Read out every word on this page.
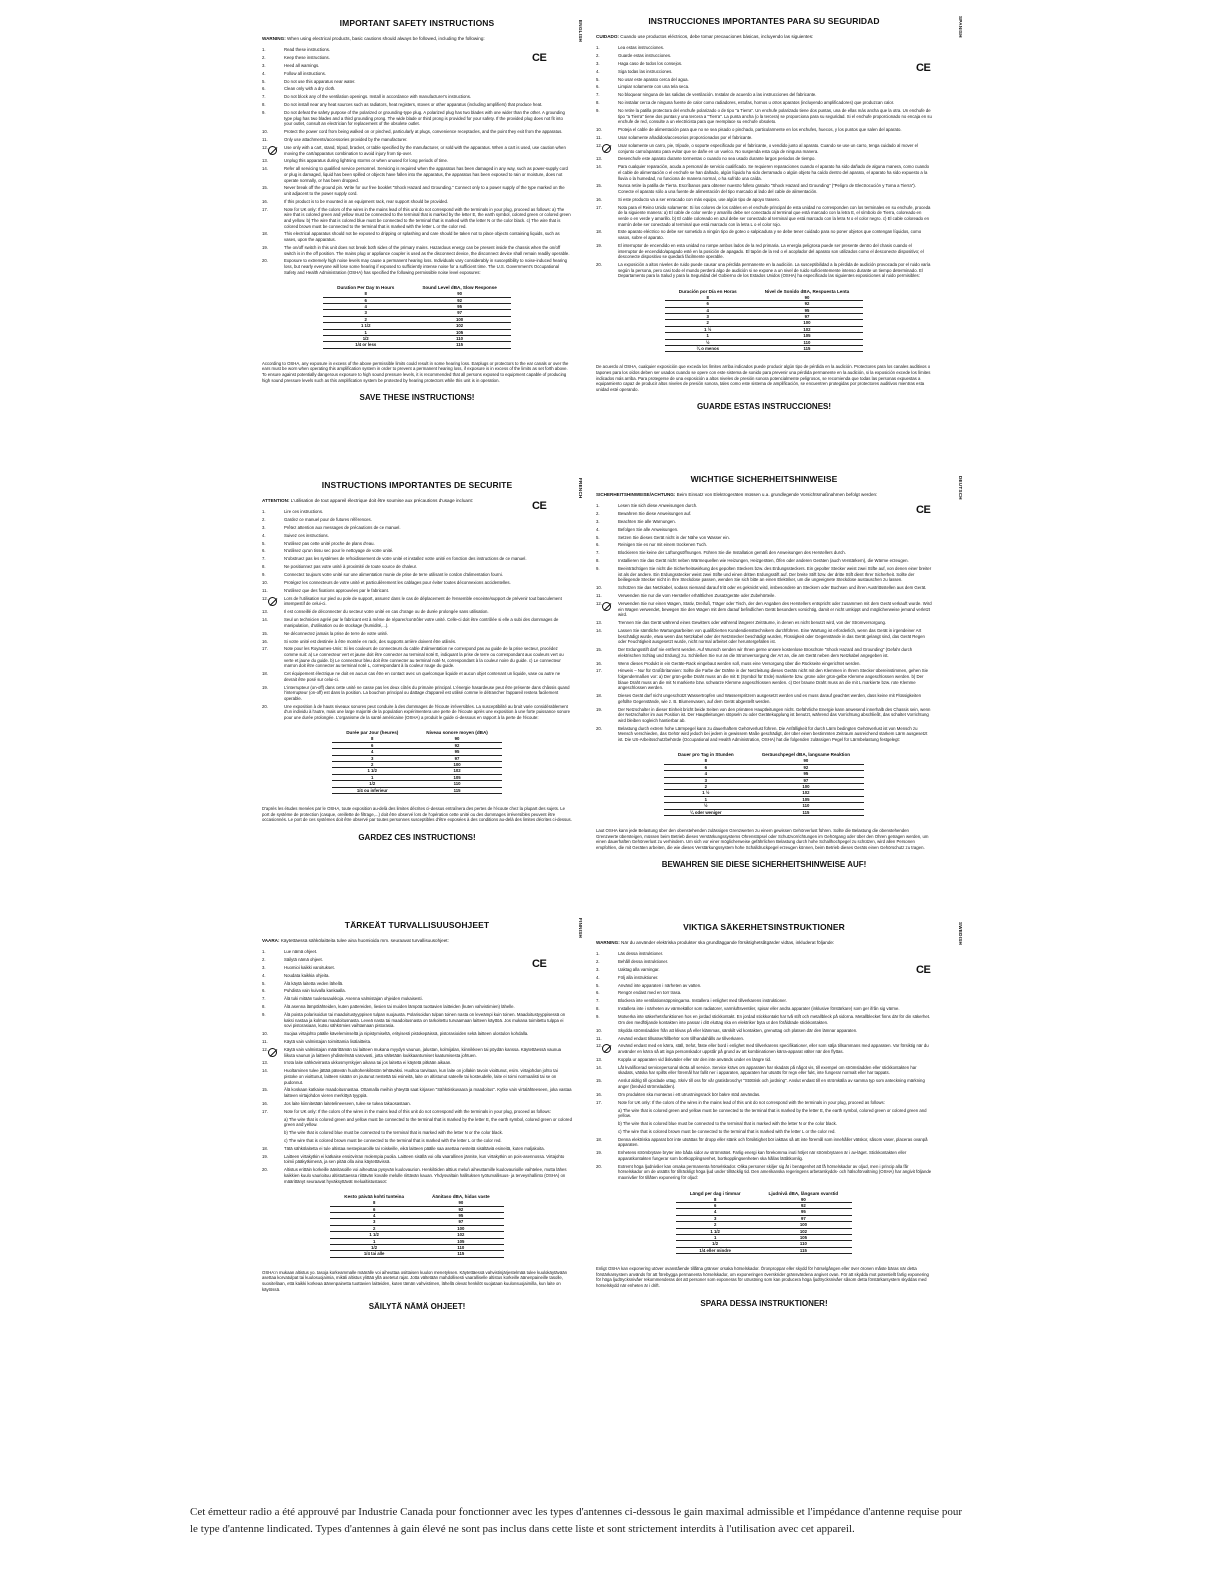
IMPORTANT SAFETY INSTRUCTIONS
WARNING: When using electrical products, basic cautions should always be followed, including the following:
1.	Read these instructions.
2.	Keep these instructions.
3.	Heed all warnings.
4.	Follow all instructions.
5.	Do not use this apparatus near water.
6.	Clean only with a dry cloth.
7.	Do not block any of the ventilation openings. Install in accordance with manufacturer's instructions.
8.	Do not install near any heat sources such as radiators, heat registers, stoves or other apparatus (including amplifiers) that produce heat.
9.	Do not defeat the safety purpose of the polarized or grounding-type plug. A polarized plug has two blades with one wider than the other. A grounding type plug has two blades and a third grounding prong. The wide blade or third prong is provided for your safety. If the provided plug does not fit into your outlet, consult an electrician for replacement of the obsolete outlet.
10.	Protect the power cord from being walked on or pinched, particularly at plugs, convenience receptacles, and the point they exit from the apparatus.
11.	Only use attachments/accessories provided by the manufacturer.
12.	Use only with a cart, stand, tripod, bracket, or table specified by the manufacturer, or sold with the apparatus. When a cart is used, use caution when moving the cart/apparatus combination to avoid injury from tip-over.
13.	Unplug this apparatus during lightning storms or when unused for long periods of time.
14.	Refer all servicing to qualified service personnel. Servicing is required when the apparatus has been damaged in any way, such as power-supply cord or plug is damaged, liquid has been spilled or objects have fallen into the apparatus, the apparatus has been exposed to rain or moisture, does not operate normally, or has been dropped.
15.	Never break off the ground pin. Write for our free booklet "Shock Hazard and Grounding." Connect only to a power supply of the type marked on the unit adjacent to the power supply cord.
16.	If this product is to be mounted in an equipment rack, rear support should be provided.
17.	Note for UK only: If the colors of the wires in the mains lead of this unit do not correspond with the terminals in your plug, proceed as follows: a) The wire that is colored green and yellow must be connected to the terminal that is marked by the letter E, the earth symbol, colored green or colored green and yellow. b) The wire that is colored blue must be connected to the terminal that is marked with the letter N or the color black. c) The wire that is colored brown must be connected to the terminal that is marked with the letter L or the color red.
18.	This electrical apparatus should not be exposed to dripping or splashing and care should be taken not to place objects containing liquids, such as vases, upon the apparatus.
19.	The on/off switch in this unit does not break both sides of the primary mains. Hazardous energy can be present inside the chassis when the on/off switch is in the off position. The mains plug or appliance coupler is used as the disconnect device, the disconnect device shall remain readily operable.
20.	Exposure to extremely high noise levels may cause a permanent hearing loss. Individuals vary considerably in susceptibility to noise-induced hearing loss, but nearly everyone will lose some hearing if exposed to sufficiently intense noise for a sufficient time. The U.S. Government's Occupational Safety and Health Administration (OSHA) has specified the following permissible noise level exposures:
Duration Per Day In Hours	Sound Level dBA, Slow Response
8	90
6	92
4	95
3	97
2	100
1 1/2	102
1	105
1/2	110
1/4 or less	115
According to OSHA, any exposure in excess of the above permissible limits could result in some hearing loss. Earplugs or protectors to the ear canals or over the ears must be worn when operating this amplification system in order to prevent a permanent hearing loss, if exposure is in excess of the limits as set forth above. To ensure against potentially dangerous exposure to high sound pressure levels, it is recommended that all persons exposed to equipment capable of producing high sound pressure levels such as this amplification system be protected by hearing protectors while this unit is in operation.
SAVE THESE INSTRUCTIONS!
INSTRUCCIONES IMPORTANTES PARA SU SEGURIDAD
CUIDADO: Cuando use productos eléctricos, debe tomar precauciones básicas, incluyendo las siguientes:
1.	Lea estas instrucciones.
2.	Guarde estas instrucciones.
3.	Haga caso de todos los consejos.
4.	Siga todas las instrucciones.
5.	No usar este aparato cerca del agua.
6.	Limpiar solamente con una tela seca.
7.	No bloquear ninguna de las salidas de ventilación. Instalar de acuerdo a las instrucciones del fabricante.
8.	No instalar cerca de ninguna fuente de calor como radiadores, estufas, hornos u otros aparatos (incluyendo amplificadores) que produzcan calor.
9.	No retire la patilla protectora del enchufe polarizado o de tipo "a Tierra". Un enchufe polarizado tiene dos puntas, una de ellas más ancha que la otra. Un enchufe de tipo "a Tierra" tiene dos puntas y una tercera a "Tierra". La punta ancha (o la tercera) se proporciona para su seguridad. Si el enchufe proporcionado no encaja en su enchufe de red, consulte a un electricista para que reemplace su enchufe obsoleto.
10.	Proteja el cable de alimentación para que no se sea pisado o pinchado, particularmente en los enchufes, huecos, y los puntos que salen del aparato.
11.	Usar solamente añadidos/accesorios proporcionados por el fabricante.
12.	Usar solamente un carro, pie, trípode, o soporte especificado por el fabricante, o vendido junto al aparato. Cuando se use un carro, tenga cuidado al mover el conjunto carro/aparato para evitar que se dañe en un vuelco. No suspenda esta caja de ninguna manera.
13.	Desenchufe este aparato durante tormentas o cuando no sea usado durante largos periodos de tiempo.
14.	Para cualquier reparación, acuda a personal de servicio cualificado. Se requieren reparaciones cuando el aparato ha sido dañado de alguna manera, como cuando el cable de alimentación o el enchufe se han dañado, algún líquido ha sido derramado o algún objeto ha caído dentro del aparato, el aparato ha sido expuesto a la lluvia o la humedad, no funciona de manera normal, o ha sufrido una caída.
15.	Nunca retire la patilla de Tierra. Escríbanos para obtener nuestro folleto gratuito "Shock Hazard and Grounding" ("Peligro de Electrocución y Toma a Tierra"). Conecte el aparato sólo a una fuente de alimentación del tipo marcado al lado del cable de alimentación.
16.	Si este producto va a ser enracado con más equipo, use algún tipo de apoyo trasero.
17.	Nota para el Reino Unido solamente: Si los colores de los cables en el enchufe principal de esta unidad no corresponden con los terminales en su enchufe, proceda de la siguiente manera: a) El cable de color verde y amarillo debe ser conectado al terminal que está marcado con la letra E, el símbolo de Tierra, coloreado en verde o en verde y amarillo. b) El cable coloreado en azul debe ser conectado al terminal que está marcado con la letra N o el color negro. c) El cable coloreado en marrón debe ser conectado al terminal que está marcado con la letra L o el color rojo.
18.	Este aparato eléctrico no debe ser sometido a ningún tipo de goteo o salpicadura y se debe tener cuidado para no poner objetos que contengan líquidos, como vasos, sobre el aparato.
19.	El interruptor de encendido en esta unidad no rompe ambos lados de la red primaria. La energía peligrosa puede ser presente dentro del chasis cuando el interruptor de encendido/apagado esté en la posición de apagado. El tapón de la red o el acoplador del aparato son utilizados como el desconecte dispositivo; el desconecte dispositivo se quedará fácilmente operable.
20.	La exposición a altos niveles de ruido puede causar una pérdida permanente en la audición. La susceptibilidad a la pérdida de audición provocada por el ruido varía según la persona, pero casi todo el mundo perderá algo de audición si se expone a un nivel de ruido suficientemente intenso durante un tiempo determinado. El Departamento para la Salud y para la Seguridad del Gobierno de los Estados Unidos (OSHA) ha especificado las siguientes exposiciones al ruido permisibles:
Duración por Día en Horas	Nivel de Sonido dBA, Respuesta Lenta
8	90
6	92
4	95
3	97
2	100
1 ½	102
1	105
½	110
¼ o menos	115
De acuerdo al OSHA, cualquier exposición que exceda los límites arriba indicados puede producir algún tipo de pérdida en la audición. Protectores para los canales auditivos o tapones para los oídos deben ser usados cuando se opere con este sistema de sonido para prevenir una pérdida permanente en la audición, si la exposición excede los límites indicados más arriba. Para protegerse de una exposición a altos niveles de presión sonora potencialmente peligrosos, se recomienda que todas las personas expuestas a equipamiento capaz de producir altos niveles de presión sonora, tales como este sistema de amplificación, se encuentren protegidas por protectores auditivos mientras esta unidad esté operando.
GUARDE ESTAS INSTRUCCIONES!
INSTRUCTIONS IMPORTANTES DE SECURITE
ATTENTION: L'utilisation de tout appareil électrique doit être soumise aux précautions d'usage incluant:
1.	Lire ces instructions.
2.	Gardez ce manuel pour de futures références.
3.	Prêtez attention aux messages de précautions de ce manuel.
4.	Suivez ces instructions.
5.	N'utilisez pas cette unité proche de plans d'eau.
6.	N'utilisez qu'un tissu sec pour le nettoyage de votre unité.
7.	N'obstruez pas les systèmes de refroidissement de votre unité et installez votre unité en fonction des instructions de ce manuel.
8.	Ne positionnez pas votre unité à proximité de toute source de chaleur.
9.	Connectez toujours votre unité sur une alimentation munie de prise de terre utilisant le cordon d'alimentation fourni.
10.	Protégez les connecteurs de votre unité et particulièrement les cablages pour éviter toutes déconnexions accidentelles.
11.	N'utilisez que des fixations approuvées par le fabricant.
12.	Lors de l'utilisation sur pied ou pole de support, assurez dans le cas de déplacement de l'ensemble enceinte/support de prévenir tout basculement intempestif de celui-ci.
13.	Il est conseillé de déconnecter du secteur votre unité en cas d'orage ou de durée prolongée sans utilisation.
14.	Seul un technicien agréé par le fabricant est à même de réparer/contrôler votre unité. Celle-ci doit être contrôlée si elle a subi des dommages de manipulation, d'utilisation ou de stockage (humidité,...).
15.	Ne déconnectez jamais la prise de terre de votre unité.
16.	Si votre unité est destinée à être montée en rack, des supports arrière doivent être utilisés.
17.	Note pour les Royaumes-Unis: Si les couleurs de connecteurs du cable d'alimentation ne correspond pas au guide de la prise secteur, procédez comme suit: a) Le connecteur vert et jaune doit être connecter au terminal noté E, indiquant la prise de terre ou correspondant aux couleurs vert ou verte et jaune du guide. b) Le connecteur bleu doit être connecter au terminal noté N, correspondant à la couleur noire du guide. c) Le connecteur marron doit être connecter au terminal noté L, correspondant à la couleur rouge du guide.
18.	Cet équipement électrique ne doit en aucun cas être en contact avec un quelconque liquide et aucun objet contenant un liquide, vase ou autre ne devrait être posé sur celui-ci.
19.	L'interrupteur (on-off) dans cette unité ne casse pas les deux côtés du primaire principal. L'énergie hasardeuse peut être présente dans châssis quand l'interrupteur (on-off) est dans la position. La bouchon principal ou dattage d'appareil est utilisé comme le détrancher l'appareil restera facilement operable.
20.	Une exposition à de hauts niveaux sonores peut conduire à des dommages de l'écoute irréversibles. La susceptibilité au bruit varie considérablement d'un individu à l'autre, mais une large majorité de la population expérimentera une perte de l'écoute après une exposition à une forte puissance sonore pour une durée prolongée. L'organisme de la santé américaine (OSHA) a produit le guide ci-dessous en rapport à la perte de l'écoute:
Durée par Jour (heures)	Niveau sonore moyen (dBA)
8	90
6	92
4	95
3	97
2	100
1 1/2	102
1	105
1/2	110
1/4 ou inferieur	115
D'après les études menées par le OSHA, toute exposition au-delà des limites décrites ci-dessus entraînera des pertes de l'écoute chez la plupart des sujets. Le port de système de protection (casque, oreillette de filtrage,...) doit être observé lors de l'opération cette unité ou des dommages irréversibles peuvent être occasionnés. Le port de ces systèmes doit être observé par toutes personnes susceptibles d'être exposées à des conditions au-delà des limites décrites ci-dessus.
GARDEZ CES INSTRUCTIONS!
WICHTIGE SICHERHEITSHINWEISE
SICHERHEITSHINWEISE/ACHTUNG: Beim Einsatz von Elektrogeräten müssen u.a. grundlegende Vorsichtsmaßnahmen befolgt werden:
1.	Lesen Sie sich diese Anweisungen durch.
2.	Bewahren Sie diese Anweisungen auf.
3.	Beachten Sie alle Warnungen.
4.	Befolgen Sie alle Anweisungen.
5.	Setzen Sie dieses Gerät nicht in der Nähe von Wasser ein.
6.	Reinigen Sie es nur mit einem trockenen Tuch.
7.	Blockieren Sie keine der Lüftungsöffnungen. Führen Sie die Installation gemäß den Anweisungen des Herstellers durch.
8.	Installieren Sie das Gerät nicht neben Wärmequellen wie Heizungen, Heizgeräten, Öfen oder anderen Geräten (auch Verstärkern), die Wärme erzeugen.
9.	Beeinträchtigen Sie nicht die Sicherheitswirkung des gepolten Steckers bzw. des Erdungssteckers. Ein gepolter Stecker weist zwei Stifte auf, von denen einer breiter ist als der andere. Ein Erdungsstecker weist zwei Stifte und einen dritten Erdungsstift auf. Der breite Stift bzw. der dritte Stift dient Ihrer Sicherheit. Sollte der beiliegende Stecker nicht in Ihre Steckdose passen, wenden Sie sich bitte an einen Elektriker, um die ungeeignete Steckdose austauschen zu lassen.
10.	Schützen Sie das Netzkabel, sodass niemand darauf tritt oder es geknickt wird, insbesondere an Steckern oder Buchsen und ihren Austrittsstellen aus dem Gerät.
11.	Verwenden Sie nur die vom Hersteller erhältlichen Zusatzgeräte oder Zubehörteile.
12.	Verwenden Sie nur einen Wagen, Stativ, Dreifuß, Träger oder Tisch, der den Angaben des Herstellers entspricht oder zusammen mit dem Gerät verkauft wurde. Wird ein Wagen verwendet, bewegen Sie den Wagen mit dem darauf befindlichen Gerät besonders vorsichtig, damit er nicht umkippt und möglicherweise jemand verletzt wird.
13.	Trennen Sie das Gerät während eines Gewitters oder während längerer Zeiträume, in denen es nicht benutzt wird, von der Stromversorgung.
14.	Lassen Sie sämtliche Wartungsarbeiten von qualifizierten Kundendiensttechnikern durchführen. Eine Wartung ist erforderlich, wenn das Gerät in irgendeiner Art beschädigt wurde, etwa wenn das Netzkabel oder der Netzstecker beschädigt wurden, Flüssigkeit oder Gegenstände in das Gerät gelangt sind, das Gerät Regen oder Feuchtigkeit ausgesetzt wurde, nicht normal arbeitet oder heruntergefallen ist.
15.	Der Erdungsstift darf nie entfernt werden. Auf Wunsch senden wir Ihnen gerne unsere kostenlose Broschüre "Shock Hazard and Grounding" (Gefahr durch elektrischen Schlag und Erdung) zu. Schließen Sie nur an die Stromversorgung der Art an, die am Gerät neben dem Netzkabel angegeben ist.
16.	Wenn dieses Produkt in ein Geräte-Rack eingebaut werden soll, muss eine Versorgung über die Rückseite eingerichtet werden.
17.	Hinweis – Nur für Großbritannien: Sollte die Farbe der Drähte in der Netzleitung dieses Geräts nicht mit den Klemmen in Ihrem Stecker übereinstimmen, gehen Sie folgendermaßen vor: a) Der grün-gelbe Draht muss an die mit E (Symbol für Erde) markierte bzw. grüne oder grün-gelbe Klemme angeschlossen werden. b) Der blaue Draht muss an die mit N markierte bzw. schwarze Klemme angeschlossen werden. c) Der braune Draht muss an die mit L markierte bzw. rote Klemme angeschlossen werden.
18.	Dieses Gerät darf nicht ungeschützt Wassertropfen und Wasserspritzern ausgesetzt werden und es muss darauf geachtet werden, dass keine mit Flüssigkeiten gefüllte Gegenstände, wie z. B. Blumenvasen, auf dem Gerät abgestellt werden.
19.	Der Netzschalter in dieser Einheit bricht beide Seiten von den primären Hauptleitungen nicht. Gefährliche Energie kann anwesend innerhalb des Chassis sein, wenn der Netzschalter im aus Position ist. Der Hauptleitungen stöpseln zu oder Gerätekupplung ist benutzt, während das Vorrichtung abschließt, das schaltet Vorrichtung wird bleiben sogleich hantierbar ab.
20.	Belastung durch extrem hohe Lärmpegel kann zu dauerhaftem Gehörverlust führen. Die Anfälligkeit für durch Lärm bedingten Gehörverlust ist von Mensch zu Mensch verschieden, das Gehör wird jedoch bei jedem in gewissem Maße geschädigt, der über einen bestimmten Zeitraum ausreichend starkem Lärm ausgesetzt ist. Die US-Arbeitsschutzbehörde (Occupational and Health Administration, OSHA) hat die folgenden zulässigen Pegel für Lärmbelastung festgelegt:
Dauer pro Tag in Stunden	Geräuschpegel dBA, langsame Reaktion
8	90
6	92
4	95
3	97
2	100
1 ½	102
1	105
½	110
¼ oder weniger	115
Laut OSHA kann jede Belastung über den obenstehenden zulässigen Grenzwerten zu einem gewissen Gehörverlust führen. Sollte die Belastung die obenstehenden Grenzwerte übersteigen, müssen beim Betrieb dieses Verstärkungssystems Ohrenstöpsel oder Schutzvorrichtungen im Gehörgang oder über den Ohren getragen werden, um einen dauerhaften Gehörverlust zu verhindern. Um sich vor einer möglicherweise gefährlichen Belastung durch hohe Schallhochpegel zu schützen, wird allen Personen empfohlen, die mit Geräten arbeiten, die wie dieses Verstärkungssystem hohe Schalldruckpegel erzeugen können, beim Betrieb dieses Geräts einen Gehörschutz zu tragen.
BEWAHREN SIE DIESE SICHERHEITSHINWEISE AUF!
TÄRKEÄT TURVALLISUUSOHJEET
VAARA: Käytettäessä sähkölaitteita tulee aina huomioida mm. seuraavat turvallisuusohjeet:
1.	Lue nämä ohjeet.
2.	Säilytä nämä ohjeet.
3.	Huomioi kaikki varoitukset.
4.	Noudata kaikkia ohjeita.
5.	Älä käytä laitetta veden lähellä.
6.	Puhdista vain kuivalla kankaalla.
7.	Älä tuki mitään tuuletusaukkoja. Asenna valmistajan ohjeiden mukaisesti.
8.	Älä asenna lämpölähteiden, kuten pattereiden, liesien tai muiden lämpöä tuottavien laitteiden (kuten vahvistimien) lähelle.
9.	Älä poista polarisoidun tai maadoitustyyppisen tulpan suojausta. Polarisoidun tulpan toinen nasta on leveämpi kuin toinen. Maadoitustyyppisessä on kaksi nastaa ja kolmas maadoitusnasta. Leveä nasta tai maadoitusnasta on tarkoitettu turvaamaan laitteen käyttöä. Jos mukana toimitettu tulppa ei sovi pistorasiaan, kutsu sähkömies vaihtamaan pistorasia.
10.	Suojaa virtajohto päälle käveleminseltä ja nipistymiseltä, erityisesti pistokepäissä, pistorasioiden sekä laitteen ulostulon kohdalla.
11.	Käytä vain valmistajan toimittamia lisälaitteita.
12.	Käytä vain valmistajan määrittämän tai laitteen mukana myydyn vaunun, jalustan, kolmijalan, kiinnikkeen tai pöydän kanssa. Käytettäessä vaunua liikuta vaunun ja laitteen yhdistelmää varovasti, jotta vältetään loukkaantumiset kaatumisesta johtuen.
13.	Irrota laite sähkövirrasta ukkosmyrskyjen aikana tai jos laitetta ei käytetä pitkään aikaan.
14.	Huoltaminen tulee jättää pätevän huoltohenkilöstön tehtäväksi. Huoltoa tarvitaan, kun laite on jollakin tavoin vioittunut, esim. virtajohdon johto tai pistoke on vioittunut, laitteen sisään on joutunut nestettä tai esineitä, laite on altistunut sateelle tai kosteudelle, laite ei toimi normaalisti tai se on pudonnut.
15.	Älä koskaan katkaise maadoitusnastaa. Ottamalla meihin yhteyttä saat kirjasen "Sähköiskuvaara ja maadoitus". Kytke vain virtalähteeseen, joka vastaa laitteen virtajohdon vieren merkittyä tyyppiä.
16.	Jos laite kiinnitetään laitetelineeseen, tulee se tukea takaosastaan.
17.	Note for UK only: If the colors of the wires in the mains lead of this unit do not correspond with the terminals in your plug, proceed as follows:
a) The wire that is colored green and yellow must be connected to the terminal that is marked by the letter E, the earth symbol, colored green or colored green and yellow.
b) The wire that is colored blue must be connected to the terminal that is marked with the letter N or the color black.
c) The wire that is colored brown must be connected to the terminal that is marked with the letter L or the color red.
18.	Tätä sähkölaitetta ei tule altistaa nestepisaroille tai roiskeille, eikä laitteen päälle saa asettaa nesteitä sisältäviä esineitä, kuten maljakoita.
19.	Laitteen virtakytkin ei katkaise ensiövirran molempia puolia. Laitteen sisällä voi olla vaarallinen jännite, kun virtakytkin on pois-asennossa. Virtajohto toimii pääkytkimenä, ja sen pitää olla aina käytettävissä.
20.	Altistus erittäin korkeille äänitasoille voi aiheuttaa pysyvän kuulovaurion. Henkilöiden alttius meluń aiheuttamille kuulovaurioille vaihtelee, mutta lähes kaikkien kuulo vaurioituu altistuttaessa riittävän kovalle melulle riittävän kauan. Yhdysvaltain hallituksen työturvallisuus- ja terveyshallinto (OSHA) on määrittänyt seuraavat hyväksyttävät melualtistustasot:
Kesto päivää kohti tunteina	Äänitaso dBA, hidas vaste
8	90
6	92
4	95
3	97
2	100
1 1/2	102
1	105
1/2	110
1/4 tai alle	115
OSHA:n mukaan altistus yo. tasoja korkeammalle määrälle voi aiheuttaa osittaisen kuulon menetyksen. Käytettäessä vahvistinjärjestelmää tulee kuulokäytävään asettaa korvatulpat tai kuulosuojaimia, mikäli altistus ylittää yllä asetetut rajat. Jotta vältetään mahdollisesti vaaralliselle altistus korkeille äänenpaineille tasolle, suositellaan, että kaikki korkeaa äänenpainetta tuottavien laitteiden, kuten tämän vahvistimen, lähellä olevat henkilöt suojataan kuulonsuojaimilla, kun laite on käytössä.
SÄILYTÄ NÄMÄ OHJEET!
VIKTIGA SÄKERHETSINSTRUKTIONER
WARNING: När du använder elektriska produkter ska grundläggande försiktighetsåtgärder vidtas, inkluderat följande:
1.	Läs dessa instruktioner.
2.	Behåll dessa instruktioner.
3.	Uaktag alla varningar.
4.	Följ alla instruktioner.
5.	Använd inte apparaten i närheten av vatten.
6.	Rengör endast med en torr trasa.
7.	Blockera inte ventilationsöppningarna. Installera i enlighet med tillverkarens instruktioner.
8.	Installera inte i närheten av värmekällor som radiatorer, varmluftsventiler, spisar eller andra apparater (inklusive förstärkare) som ger ifrån sig värme.
9.	Motverka inte säkerhetsfunktionen hos en jordad stickkontakt. En jordad stickkontakt har två stift och metallbleck på sidorna. Metallblecket finns där för din säkerhet. Om den medföljande kontakten inte passar i ditt eluttag ska en elektriker byta ut den föråldrade stickkontakten.
10.	Skydda strömsladden från att klivas på eller klämmas, särskilt vid kontakten, grenuttag och platsen där den lämnar apparaten.
11.	Använd endast tillsatser/tillbehör som tillhandahålls av tillverkaren.
12.	Använd endast med en kärra, ställ, trefot, fäste eller bord i enlighet med tillverkarens specifikationer, eller som sälja tillsammans med apparaten. Var försiktig när du använder en kärra så att inga personskador uppstår på grund av att kombinationen kärra-apparat välter när den flyttas.
13.	Koppla ur apparaten vid åskväder eller när den inte används under en längre tid.
14.	Låt kvalificerad servicepersonal sköta all service. Service krävs om apparaten har skadats på något vis, till exempel om strömsladden eller stickkontakten har skadats, vätska har spillts eller föremål har fallit ner i apparaten, apparaten har utsatts för regn eller fukt, inte fungerar normalt eller har tappats.
15.	Anslut aldrig till ojordade uttag. Skriv till oss för vår gratisbroschyr "Stöttrisk och jordning". Anslut endast till en strömkälla av samma typ som anteckning märkning anger (bredvid strömsladden).
16.	Om produkten ska monteras i ett utrustningsrack bör bakre stöd användas.
17.	Note for UK only: If the colors of the wires in the mains lead of this unit do not correspond with the terminals in your plug, proceed as follows:
a) The wire that is colored green and yellow must be connected to the terminal that is marked by the letter E, the earth symbol, colored green or colored green and yellow.
b) The wire that is colored blue must be connected to the terminal that is marked with the letter N or the color black.
c) The wire that is colored brown must be connected to the terminal that is marked with the letter L or the color red.
18.	Denna elektriska apparat bör inte utsättas för dropp eller stänk och försiktighet bör iakttas så att inte föremål som innehåller vätskor, såsom vaser, placeras ovanpå apparaten.
19.	Enhetens strömbrytare bryter inte båda sidor av strömnätet. Farlig energi kan förekomma inuti höljet när strömbrytaren är i av-läget. Stickkontakten eller apparatkontakten fungerar som bortkopplingsenhet, bortkopplingsenheten ska hållas lättåtkomlig.
20.	Extremt höga ljudnivåer kan orsaka permanenta hörselskador. Olika personer skiljer sig åt i benägenhet att få hörselskador av oljud, men i princip alla får hörselskador om de utsätts för tillräckligt höga ljud under tillräcklig tid. Den amerikanska regeringens arbetarskydds- och hälsoförvaltning (OSHA) har angivit följande maxnivåer för tillåten exponering för oljud:
Längd per dag i timmar	Ljudnivå dBA, långsam svarstid
8	90
6	92
4	95
3	97
2	100
1 1/2	102
1	105
1/2	110
1/4 eller mindre	115
Enligt OSHA kan exponering utöver ovanstående tillåtna gränser orsaka hörselskador. Öronproppar eller skydd för hörselgången eller över öronen måste bäras när detta förstärkarsystem används för att förebygga permanenta hörselskador, om exponeringen överskrider gränsvärdena angivet ovan. För att skydda mot potentiellt farlig exponering för höga ljudtrycksnivåer rekommenderas det att personer som exponeras för utrustning som kan producera höga ljudtrycksnivåer såsom detta förstärkarsystem skyddas med hörselskydd när enheten är i drift.
SPARA DESSA INSTRUKTIONER!
CE
CE
CE	CE
CE	CE
ENGLISH	SPANISH
FRENCH	DEUTSCH
FINNISH	SWEDISH
Cet émetteur radio a été approuvé par Industrie Canada pour fonctionner avec les types d'antennes ci-dessous le gain maximal admissible et l'impédance d'antenne requise pour le type d'antenne lindicated. Types d'antennes à gain élevé ne sont pas inclus dans cette liste et sont strictement interdits à l'utilisation avec cet appareil.
